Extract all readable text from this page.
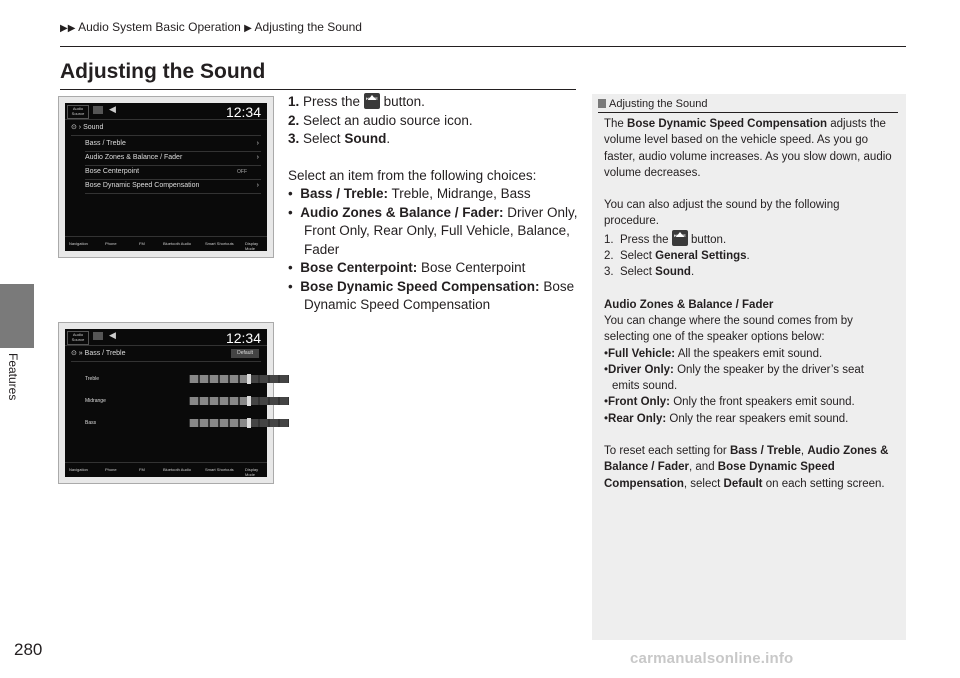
▶▶ Audio System Basic Operation ▶ Adjusting the Sound
Features
280
Adjusting the Sound

1. Press the	HOME button.

2. Select an audio source icon.

3. Select Sound.

Select an item from the following choices:

•  Bass / Treble: Treble, Midrange, Bass

•  Audio Zones & Balance / Fader: Driver Only, Front Only, Rear Only, Full Vehicle, Balance, Fader

•  Bose Centerpoint: Bose Centerpoint

•  Bose Dynamic Speed Compensation: Bose Dynamic Speed Compensation

Audio Source	◀	12:34
⊙ › Sound
Bass / Treble	›
Audio Zones & Balance / Fader	›
Bose Centerpoint	OFF
Bose Dynamic Speed Compensation	›
Navigation	Phone	FM	Bluetooth Audio	Smart Shortcuts	Display Mode
Audio Source	◀	12:34
⊙ » Bass / Treble	Default
Treble
Midrange
Bass
Navigation	Phone	FM	Bluetooth Audio	Smart Shortcuts	Display Mode
Adjusting the Sound

The Bose Dynamic Speed Compensation adjusts the volume level based on the vehicle speed. As you go faster, audio volume increases. As you slow down, audio volume decreases.

You can also adjust the sound by the following procedure.

1. Press the	HOME button.

2. Select General Settings.

3. Select Sound.

Audio Zones & Balance / Fader

You can change where the sound comes from by selecting one of the speaker options below:

•Full Vehicle: All the speakers emit sound.

•Driver Only: Only the speaker by the driver’s seat emits sound.

•Front Only: Only the front speakers emit sound.

•Rear Only: Only the rear speakers emit sound.

To reset each setting for Bass / Treble, Audio Zones & Balance / Fader, and Bose Dynamic Speed Compensation, select Default on each setting screen.

carmanualsonline.info
